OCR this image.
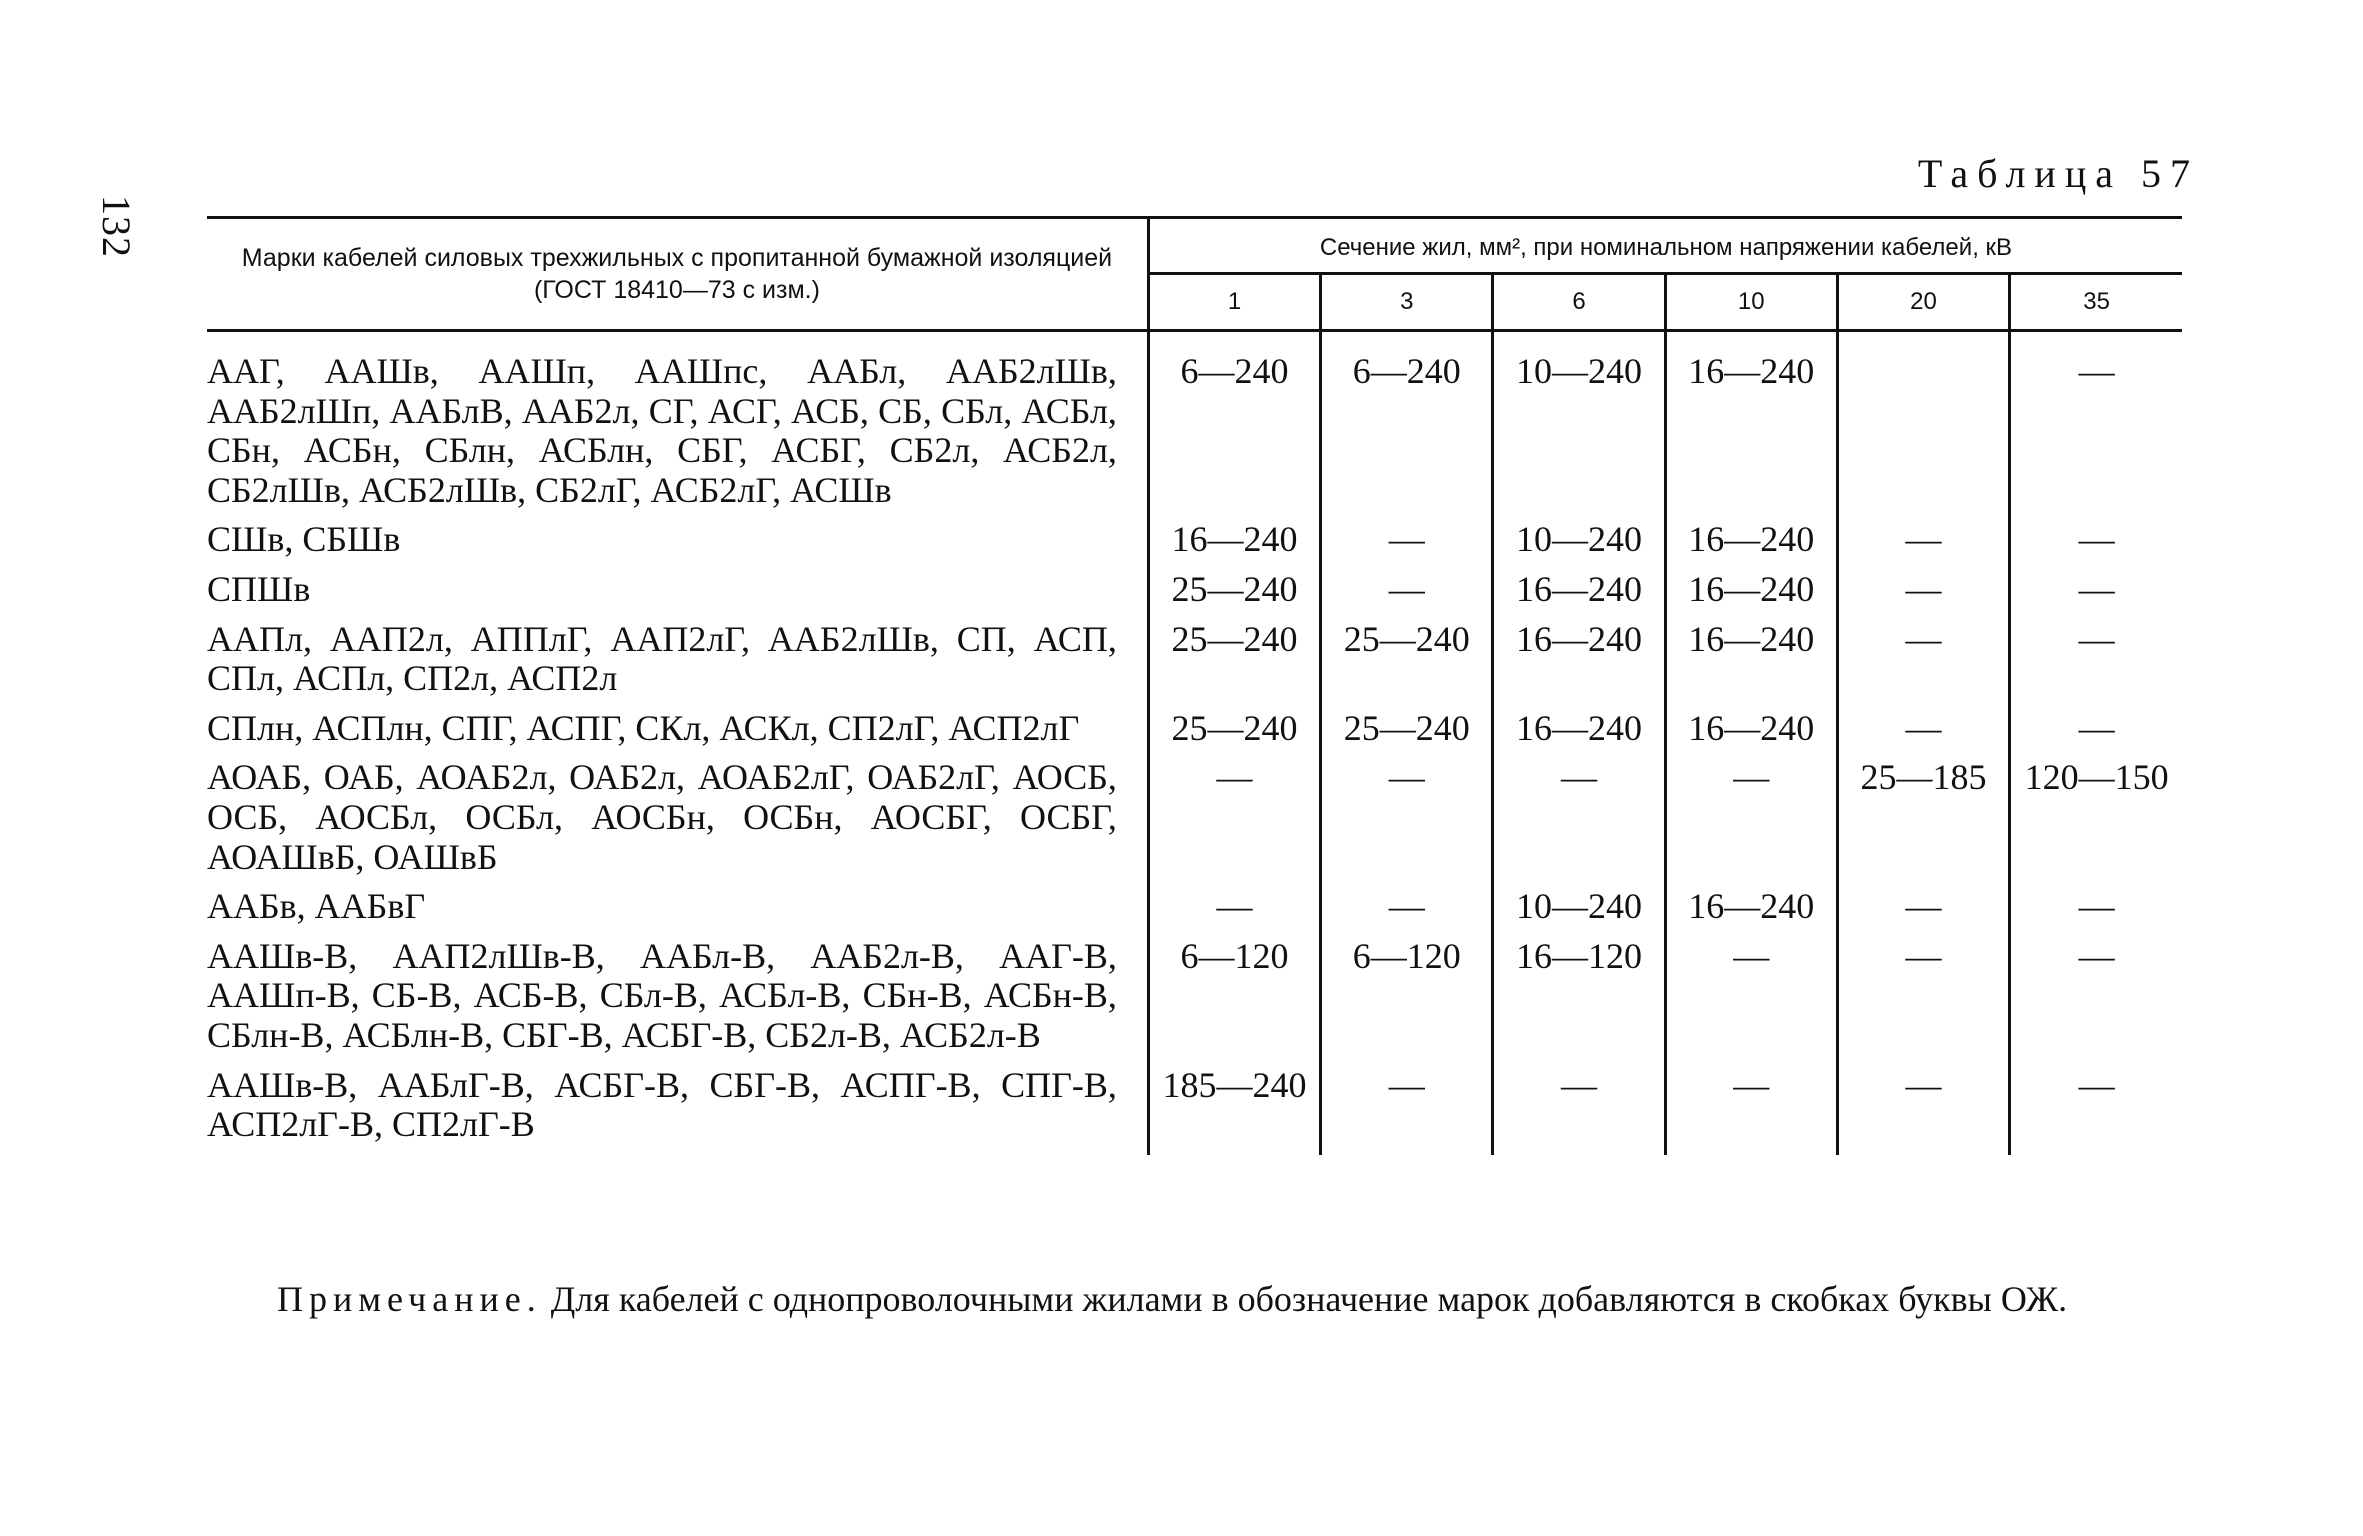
132
Таблица 57
Марки кабелей силовых трехжильных с пропитанной бумажной изоляцией (ГОСТ 18410—73 с изм.)	Сечение жил, мм², при номинальном напряжении кабелей, кВ					
	1	3	6	10	20	35
ААГ, ААШв, ААШп, ААШпс, ААБл, ААБ2лШв, ААБ2лШп, ААБлВ, ААБ2л, СГ, АСГ, АСБ, СБ, СБл, АСБл, СБн, АСБн, СБлн, АСБлн, СБГ, АСБГ, СБ2л, АСБ2л, СБ2лШв, АСБ2лШв, СБ2лГ, АСБ2лГ, АСШв	6—240	6—240	10—240	16—240		—
СШв, СБШв	16—240	—	10—240	16—240	—	—
СПШв	25—240	—	16—240	16—240	—	—
ААПл, ААП2л, АППлГ, ААП2лГ, ААБ2лШв, СП, АСП, СПл, АСПл, СП2л, АСП2л	25—240	25—240	16—240	16—240	—	—
СПлн, АСПлн, СПГ, АСПГ, СКл, АСКл, СП2лГ, АСП2лГ	25—240	25—240	16—240	16—240	—	—
АОАБ, ОАБ, АОАБ2л, ОАБ2л, АОАБ2лГ, ОАБ2лГ, АОСБ, ОСБ, АОСБл, ОСБл, АОСБн, ОСБн, АОСБГ, ОСБГ, АОАШвБ, ОАШвБ	—	—	—	—	25—185	120—150
ААБв, ААБвГ	—	—	10—240	16—240	—	—
ААШв-В, ААП2лШв-В, ААБл-В, ААБ2л-В, ААГ-В, ААШп-В, СБ-В, АСБ-В, СБл-В, АСБл-В, СБн-В, АСБн-В, СБлн-В, АСБлн-В, СБГ-В, АСБГ-В, СБ2л-В, АСБ2л-В	6—120	6—120	16—120	—	—	—
ААШв-В, ААБлГ-В, АСБГ-В, СБГ-В, АСПГ-В, СПГ-В, АСП2лГ-В, СП2лГ-В	185—240	—	—	—	—	—
Примечание. Для кабелей с однопроволочными жилами в обозначение марок добавляются в скобках буквы ОЖ.
